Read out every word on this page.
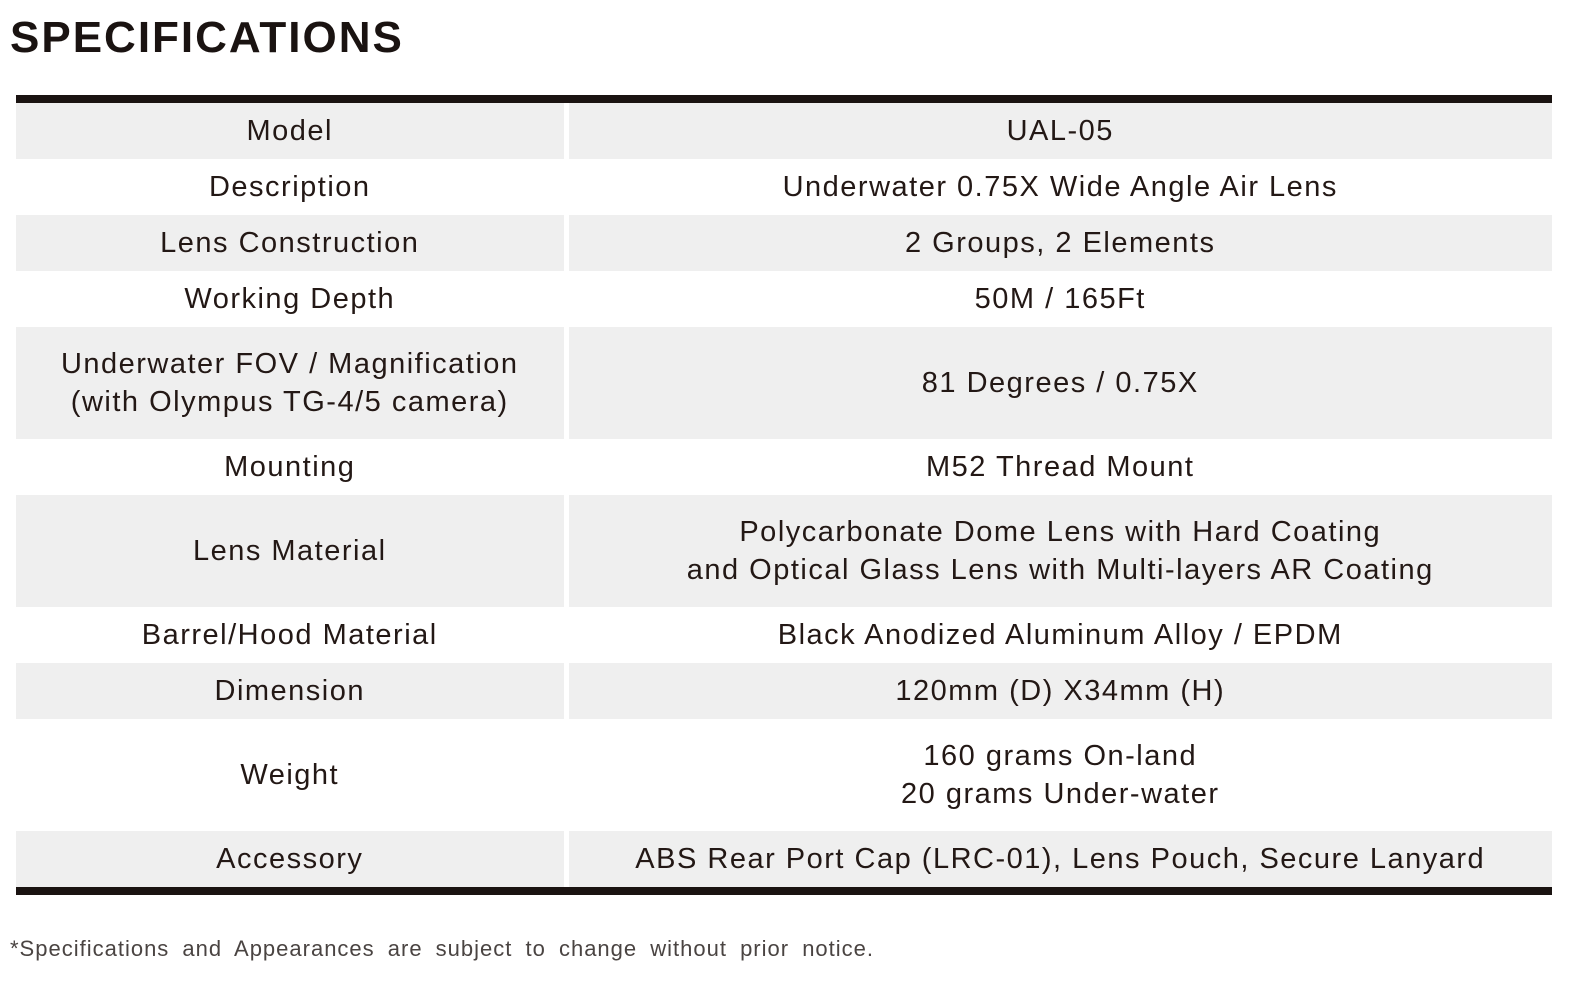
SPECIFICATIONS
Model	UAL-05
Description	Underwater 0.75X Wide Angle Air Lens
Lens Construction	2 Groups, 2 Elements
Working Depth	50M / 165Ft
Underwater FOV / Magnification
(with Olympus TG-4/5 camera)	81 Degrees / 0.75X
Mounting	M52 Thread Mount
Lens Material	Polycarbonate Dome Lens with Hard Coating
and Optical Glass Lens with Multi-layers AR Coating
Barrel/Hood Material	Black Anodized Aluminum Alloy / EPDM
Dimension	120mm (D) X34mm (H)
Weight	160 grams On-land
20 grams Under-water
Accessory	ABS Rear Port Cap (LRC-01), Lens Pouch, Secure Lanyard

*Specifications and Appearances are subject to change without prior notice.
